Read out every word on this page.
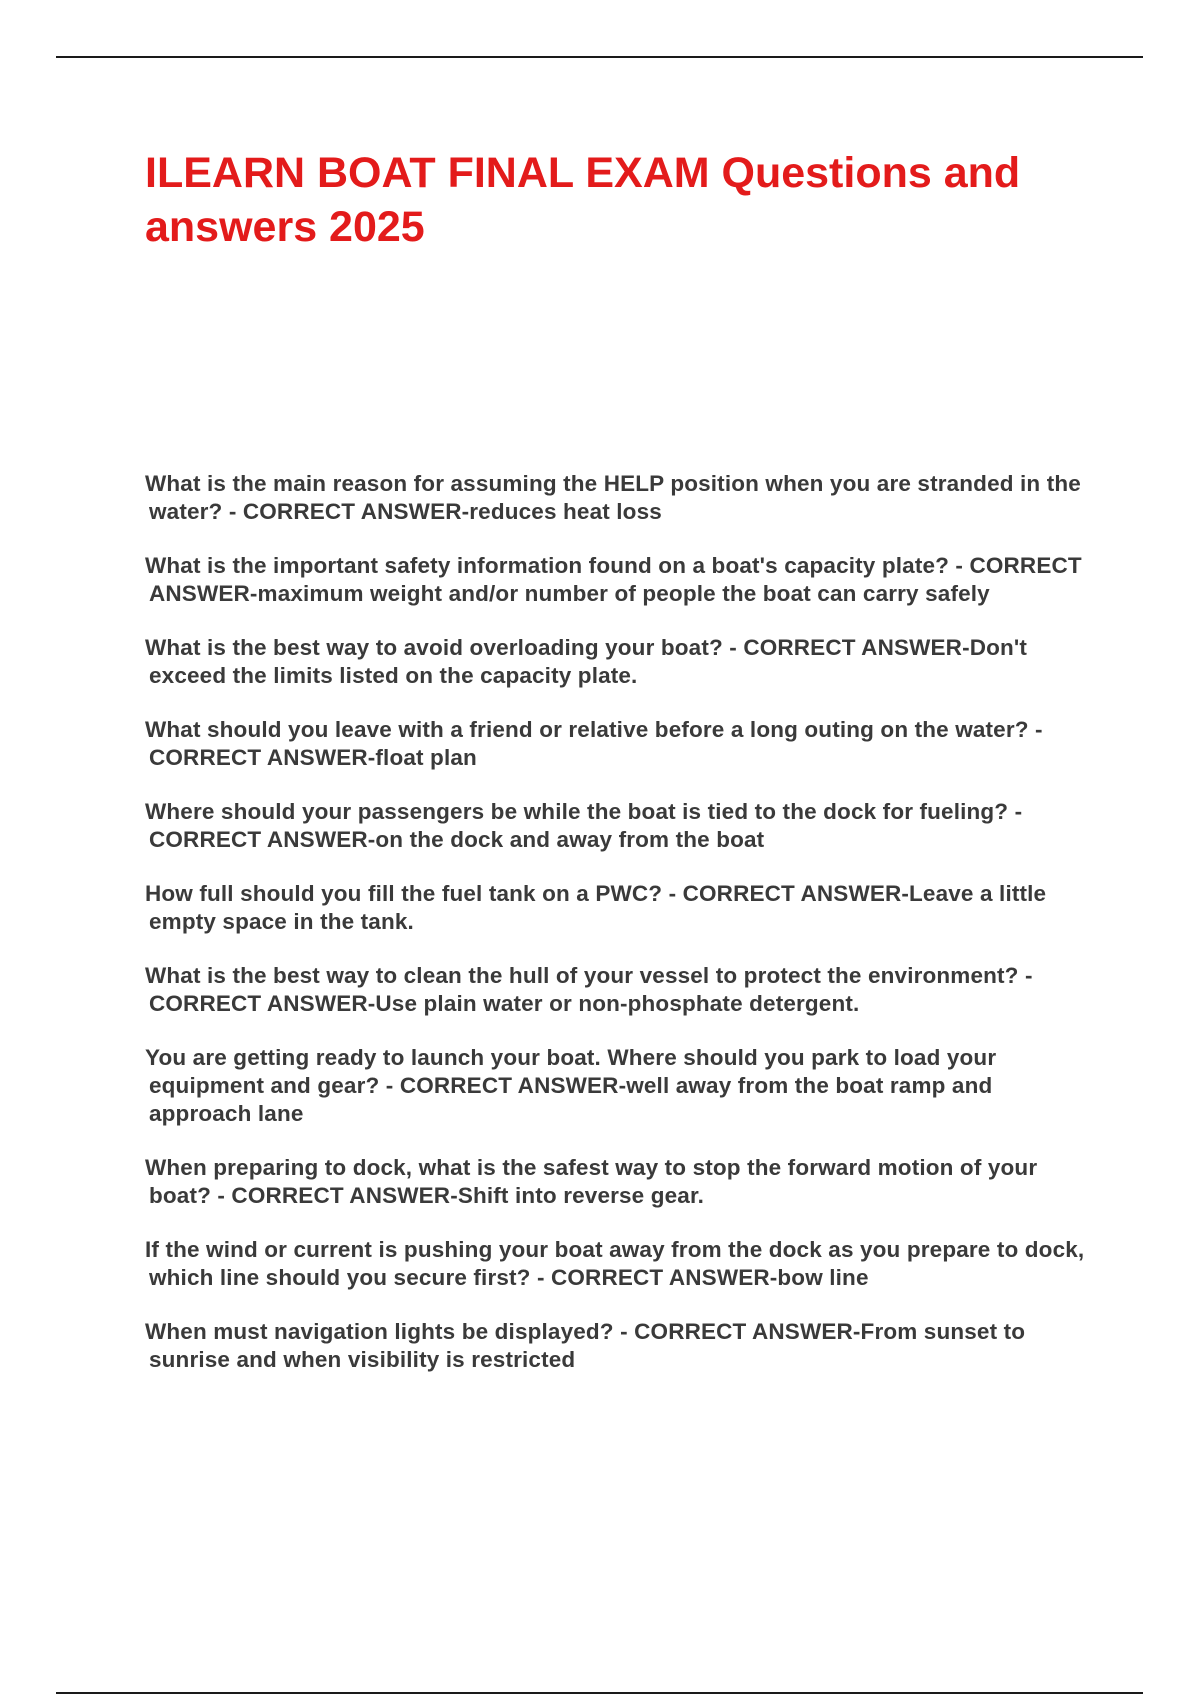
ILEARN BOAT FINAL EXAM Questions and answers 2025
What is the main reason for assuming the HELP position when you are stranded in the water? - CORRECT ANSWER-reduces heat loss
What is the important safety information found on a boat's capacity plate? - CORRECT ANSWER-maximum weight and/or number of people the boat can carry safely
What is the best way to avoid overloading your boat? - CORRECT ANSWER-Don't exceed the limits listed on the capacity plate.
What should you leave with a friend or relative before a long outing on the water? - CORRECT ANSWER-float plan
Where should your passengers be while the boat is tied to the dock for fueling? - CORRECT ANSWER-on the dock and away from the boat
How full should you fill the fuel tank on a PWC? - CORRECT ANSWER-Leave a little empty space in the tank.
What is the best way to clean the hull of your vessel to protect the environment? - CORRECT ANSWER-Use plain water or non-phosphate detergent.
You are getting ready to launch your boat. Where should you park to load your equipment and gear? - CORRECT ANSWER-well away from the boat ramp and approach lane
When preparing to dock, what is the safest way to stop the forward motion of your boat? - CORRECT ANSWER-Shift into reverse gear.
If the wind or current is pushing your boat away from the dock as you prepare to dock, which line should you secure first? - CORRECT ANSWER-bow line
When must navigation lights be displayed? - CORRECT ANSWER-From sunset to sunrise and when visibility is restricted
